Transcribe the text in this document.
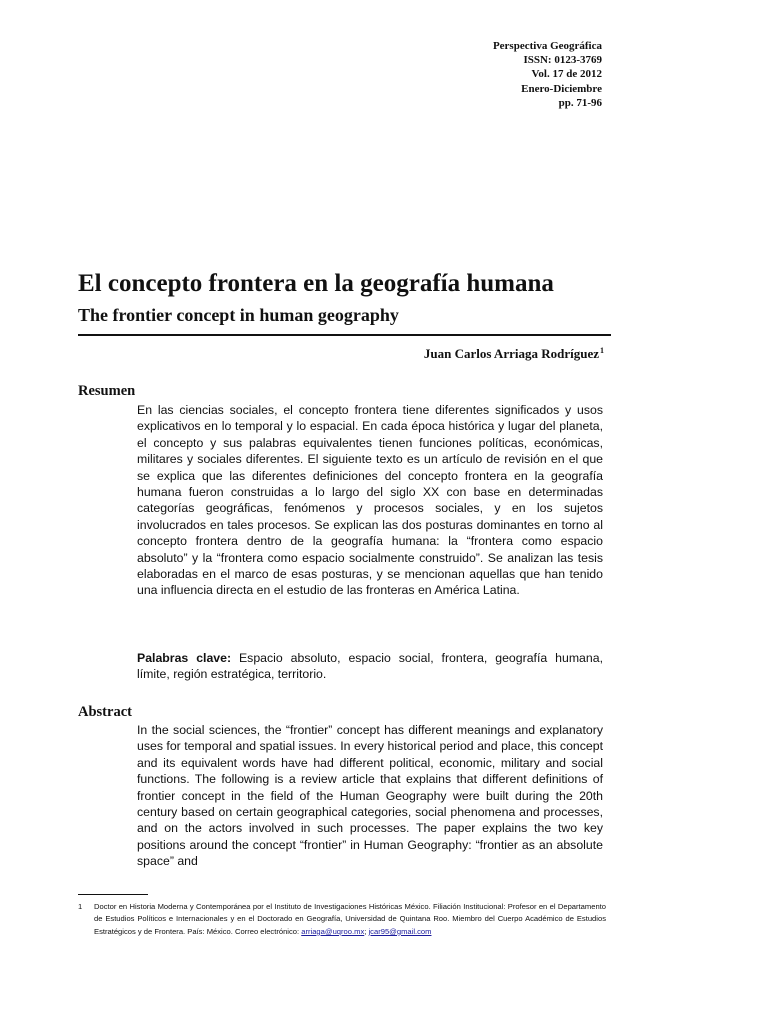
Perspectiva Geográfica
ISSN: 0123-3769
Vol. 17 de 2012
Enero-Diciembre
pp. 71-96
El concepto frontera en la geografía humana
The frontier concept in human geography
Juan Carlos Arriaga Rodríguez$^1$
Resumen

En las ciencias sociales, el concepto frontera tiene diferentes significados y usos explicativos en lo temporal y lo espacial. En cada época histórica y lugar del planeta, el concepto y sus palabras equivalentes tienen funciones políticas, económicas, militares y sociales diferentes. El siguiente texto es un artículo de revisión en el que se explica que las diferentes definiciones del concepto frontera en la geografía humana fueron construidas a lo largo del siglo XX con base en determinadas categorías geográficas, fenómenos y procesos sociales, y en los sujetos involucrados en tales procesos. Se explican las dos posturas dominantes en torno al concepto frontera dentro de la geografía humana: la “frontera como espacio absoluto” y la “frontera como espacio socialmente construido”. Se analizan las tesis elaboradas en el marco de esas posturas, y se mencionan aquellas que han tenido una influencia directa en el estudio de las fronteras en América Latina.

Palabras clave: Espacio absoluto, espacio social, frontera, geografía humana, límite, región estratégica, territorio.

Abstract

In the social sciences, the “frontier” concept has different meanings and explanatory uses for temporal and spatial issues. In every historical period and place, this concept and its equivalent words have had different political, economic, military and social functions. The following is a review article that explains that different definitions of frontier concept in the field of the Human Geography were built during the 20th century based on certain geographical categories, social phenomena and processes, and on the actors involved in such processes. The paper explains the two key positions around the concept “frontier” in Human Geography: “frontier as an absolute space” and

1 Doctor en Historia Moderna y Contemporánea por el Instituto de Investigaciones Históricas México. Filiación Institucional: Profesor en el Departamento de Estudios Políticos e Internacionales y en el Doctorado en Geografía, Universidad de Quintana Roo. Miembro del Cuerpo Académico de Estudios Estratégicos y de Frontera. País: México. Correo electrónico: arriaga@uqroo.mx; jcar95@gmail.com
